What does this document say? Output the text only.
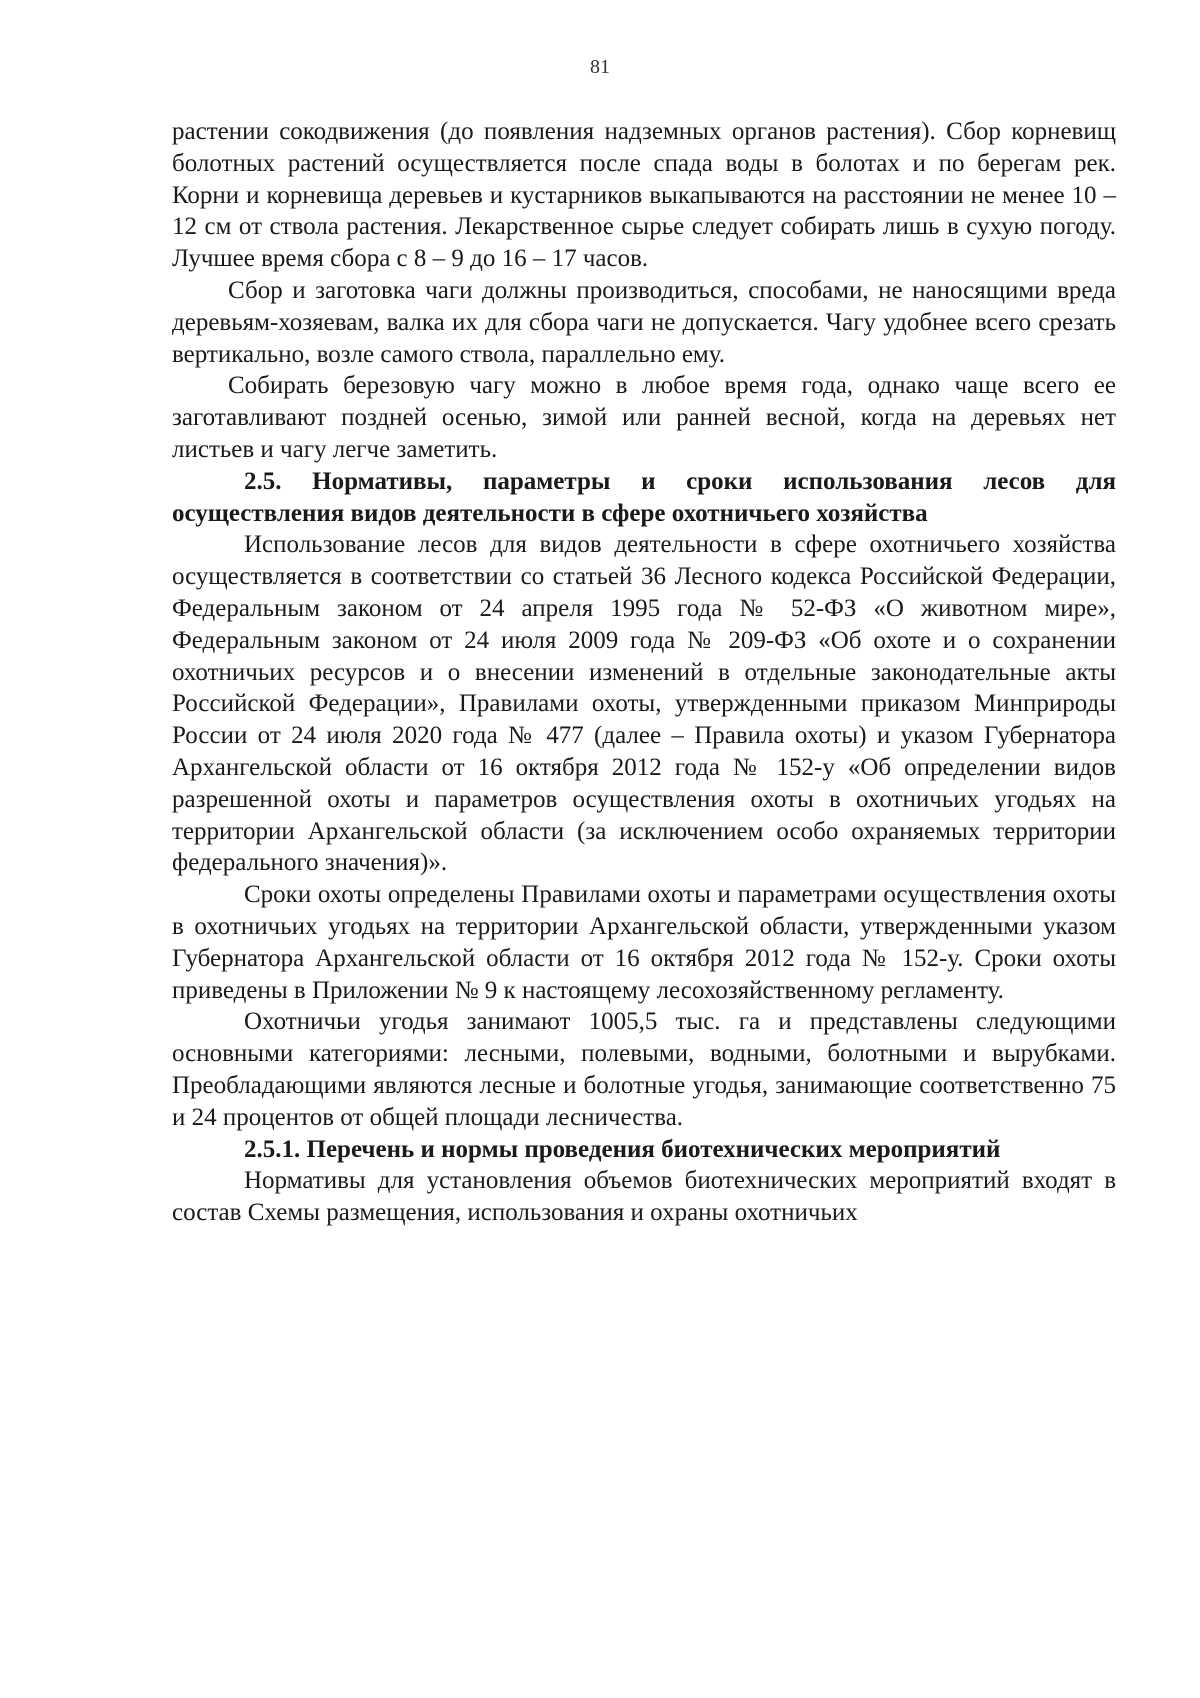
81

растении сокодвижения (до появления надземных органов растения). Сбор корневищ болотных растений осуществляется после спада воды в болотах и по берегам рек. Корни и корневища деревьев и кустарников выкапываются на расстоянии не менее 10 – 12 см от ствола растения. Лекарственное сырье следует собирать лишь в сухую погоду. Лучшее время сбора с 8 – 9 до 16 – 17 часов.

Сбор и заготовка чаги должны производиться, способами, не наносящими вреда деревьям-хозяевам, валка их для сбора чаги не допускается. Чагу удобнее всего срезать вертикально, возле самого ствола, параллельно ему.

Собирать березовую чагу можно в любое время года, однако чаще всего ее заготавливают поздней осенью, зимой или ранней весной, когда на деревьях нет листьев и чагу легче заметить.

2.5. Нормативы, параметры и сроки использования лесов для осуществления видов деятельности в сфере охотничьего хозяйства

Использование лесов для видов деятельности в сфере охотничьего хозяйства осуществляется в соответствии со статьей 36 Лесного кодекса Российской Федерации, Федеральным законом от 24 апреля 1995 года № 52-ФЗ «О животном мире», Федеральным законом от 24 июля 2009 года № 209-ФЗ «Об охоте и о сохранении охотничьих ресурсов и о внесении изменений в отдельные законодательные акты Российской Федерации», Правилами охоты, утвержденными приказом Минприроды России от 24 июля 2020 года № 477 (далее – Правила охоты) и указом Губернатора Архангельской области от 16 октября 2012 года № 152-у «Об определении видов разрешенной охоты и параметров осуществления охоты в охотничьих угодьях на территории Архангельской области (за исключением особо охраняемых территории федерального значения)».

Сроки охоты определены Правилами охоты и параметрами осуществления охоты в охотничьих угодьях на территории Архангельской области, утвержденными указом Губернатора Архангельской области от 16 октября 2012 года № 152-у. Сроки охоты приведены в Приложении № 9 к настоящему лесохозяйственному регламенту.

Охотничьи угодья занимают 1005,5 тыс. га и представлены следующими основными категориями: лесными, полевыми, водными, болотными и вырубками. Преобладающими являются лесные и болотные угодья, занимающие соответственно 75 и 24 процентов от общей площади лесничества.

2.5.1. Перечень и нормы проведения биотехнических мероприятий

Нормативы для установления объемов биотехнических мероприятий входят в состав Схемы размещения, использования и охраны охотничьих
